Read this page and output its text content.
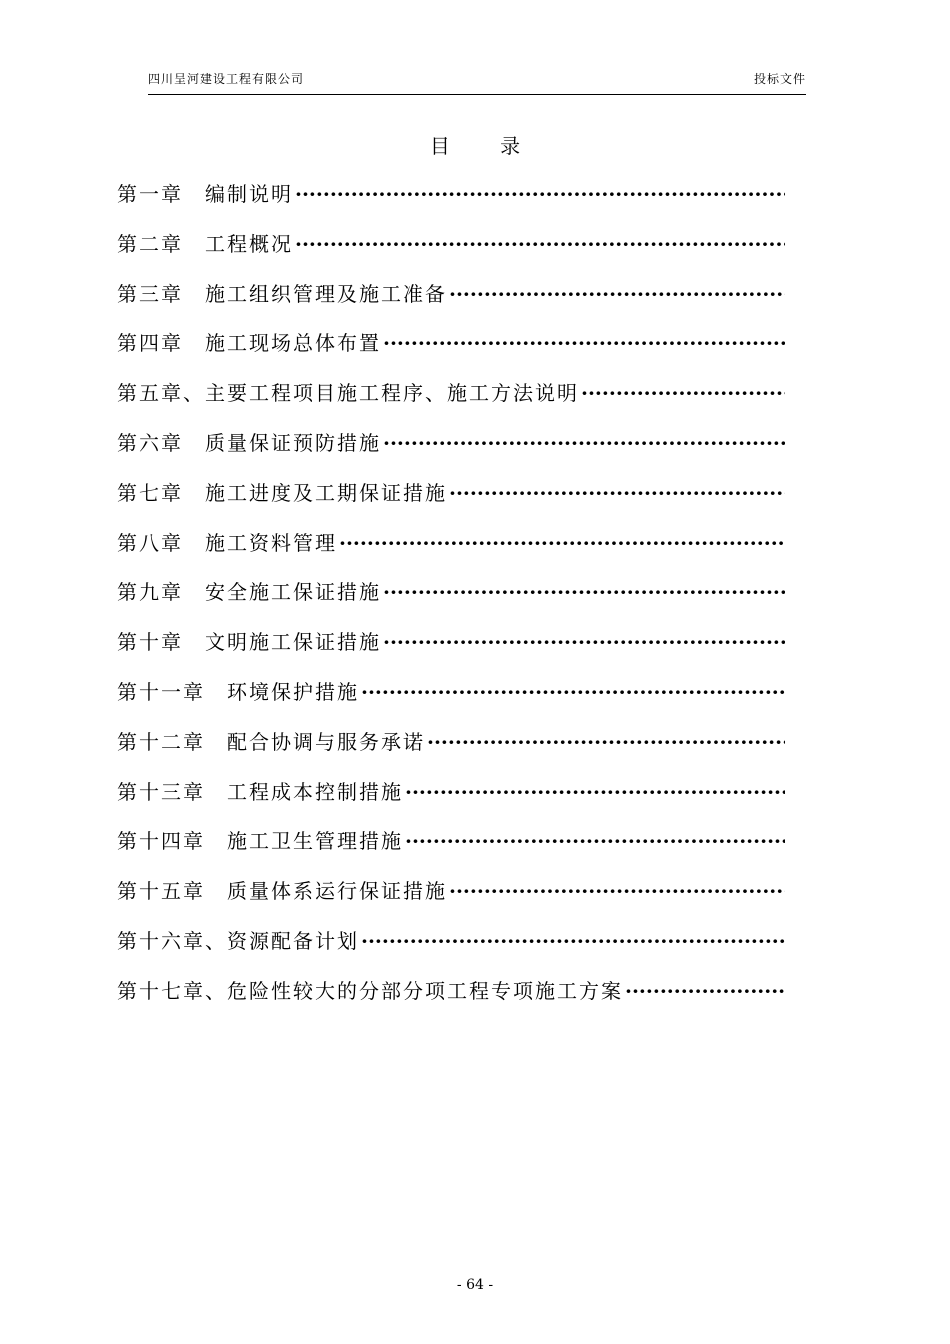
四川呈河建设工程有限公司	投标文件
目 录
第一章　编制说明
·····
第二章　工程概况
·····
第三章　施工组织管理及施工准备
·····
第四章　施工现场总体布置
·····
第五章、主要工程项目施工程序、施工方法说明
·····
第六章　质量保证预防措施
·····
第七章　施工进度及工期保证措施
·····
第八章　施工资料管理
·····
第九章　安全施工保证措施
·····
第十章　文明施工保证措施
·····
第十一章　环境保护措施
·····
第十二章　配合协调与服务承诺
·····
第十三章　工程成本控制措施
·····
第十四章　施工卫生管理措施
·····
第十五章　质量体系运行保证措施
·····
第十六章、资源配备计划
·····
第十七章、危险性较大的分部分项工程专项施工方案
·····
- 64 -
